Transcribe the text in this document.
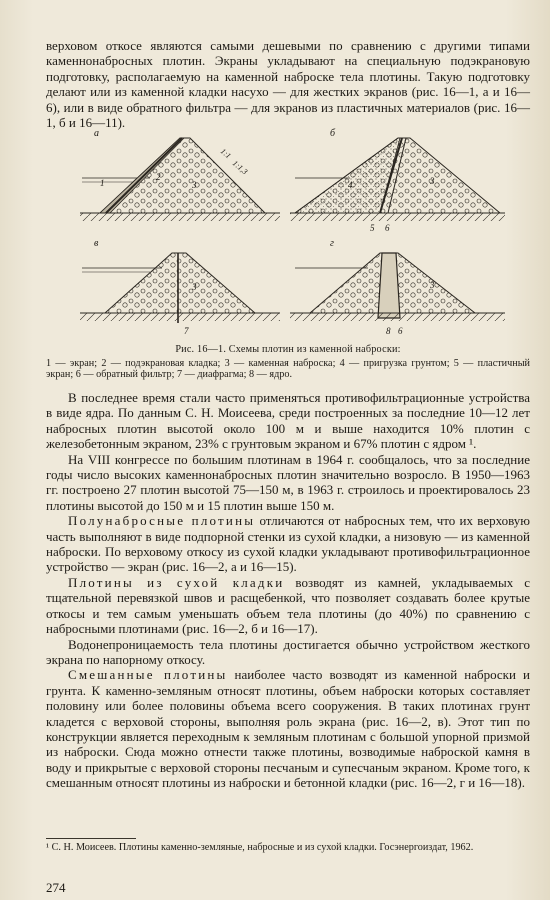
верховом откосе являются самыми дешевыми по сравнению с другими типами каменнонабросных плотин. Экраны укладывают на специальную подэкрановую подготовку, располагаемую на каменной наброске тела плотины. Такую подготовку делают или из каменной кладки насухо — для жестких экранов (рис. 16—1, а и 16—6), или в виде обратного фильтра — для экранов из пластичных материалов (рис. 16—1, б и 16—11).

а
1
2
3
1:1
1:1,3
б
4	3
5 6
в
3
7
г
3
8 6
Рис. 16—1. Схемы плотин из каменной наброски:
1 — экран; 2 — подэкрановая кладка; 3 — каменная наброска; 4 — пригрузка грунтом; 5 — пластичный экран; 6 — обратный фильтр; 7 — диафрагма; 8 — ядро.

В последнее время стали часто применяться противофильтрационные устройства в виде ядра. По данным С. Н. Моисеева, среди построенных за последние 10—12 лет набросных плотин высотой около 100 м и выше находится 10% плотин с железобетонным экраном, 23% с грунтовым экраном и 67% плотин с ядром ¹.

На VIII конгрессе по большим плотинам в 1964 г. сообщалось, что за последние годы число высоких каменнонабросных плотин значительно возросло. В 1950—1963 гг. построено 27 плотин высотой 75—150 м, в 1963 г. строилось и проектировалось 23 плотины высотой до 150 м и 15 плотин выше 150 м.

Полунабросные плотины отличаются от набросных тем, что их верховую часть выполняют в виде подпорной стенки из сухой кладки, а низовую — из каменной наброски. По верховому откосу из сухой кладки укладывают противофильтрационное устройство — экран (рис. 16—2, а и 16—15).

Плотины из сухой кладки возводят из камней, укладываемых с тщательной перевязкой швов и расщебенкой, что позволяет создавать более крутые откосы и тем самым уменьшать объем тела плотины (до 40%) по сравнению с набросными плотинами (рис. 16—2, б и 16—17).

Водонепроницаемость тела плотины достигается обычно устройством жесткого экрана по напорному откосу.

Смешанные плотины наиболее часто возводят из каменной наброски и грунта. К каменно-земляным относят плотины, объем наброски которых составляет половину или более половины объема всего сооружения. В таких плотинах грунт кладется с верховой стороны, выполняя роль экрана (рис. 16—2, в). Этот тип по конструкции является переходным к земляным плотинам с большой упорной призмой из наброски. Сюда можно отнести также плотины, возводимые наброской камня в воду и прикрытые с верховой стороны песчаным и супесчаным экраном. Кроме того, к смешанным относят плотины из наброски и бетонной кладки (рис. 16—2, г и 16—18).

¹ С. Н. Моисеев. Плотины каменно-земляные, набросные и из сухой кладки. Госэнергоиздат, 1962.
274
